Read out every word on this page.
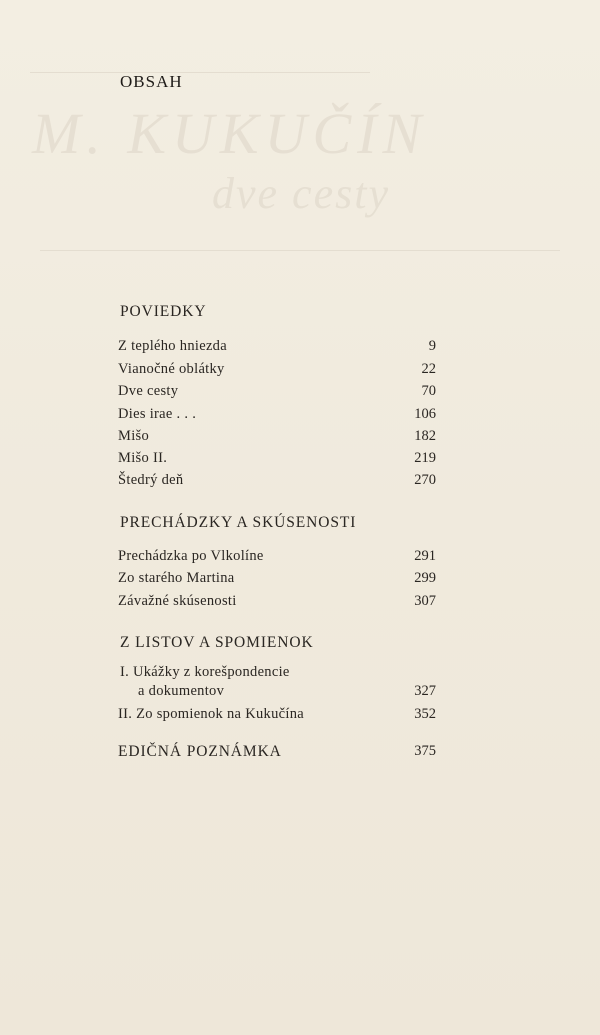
M. KUKUČÍN
dve cesty
OBSAH
POVIEDKY
Z teplého hniezda	9
Vianočné oblátky	22
Dve cesty	70
Dies irae . . .	106
Mišo	182
Mišo II.	219
Štedrý deň	270
PRECHÁDZKY A SKÚSENOSTI
Prechádzka po Vlkolíne	291
Zo starého Martina	299
Závažné skúsenosti	307
Z LISTOV A SPOMIENOK
I. Ukážky z korešpondencie
a dokumentov	327
II. Zo spomienok na Kukučína	352
EDIČNÁ POZNÁMKA	375
